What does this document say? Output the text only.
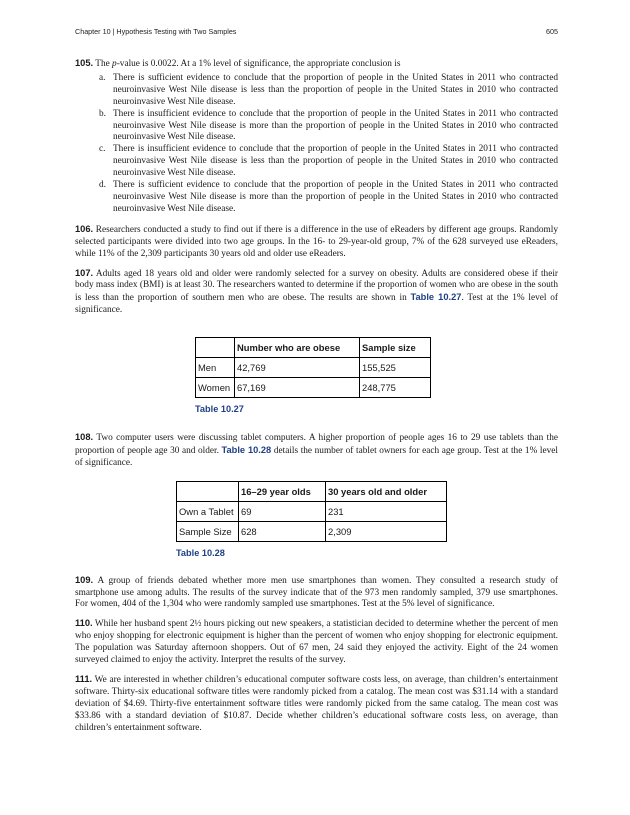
Chapter 10 | Hypothesis Testing with Two Samples	605

105. The p-value is 0.0022. At a 1% level of significance, the appropriate conclusion is

a. There is sufficient evidence to conclude that the proportion of people in the United States in 2011 who contracted neuroinvasive West Nile disease is less than the proportion of people in the United States in 2010 who contracted neuroinvasive West Nile disease.
b. There is insufficient evidence to conclude that the proportion of people in the United States in 2011 who contracted neuroinvasive West Nile disease is more than the proportion of people in the United States in 2010 who contracted neuroinvasive West Nile disease.
c. There is insufficient evidence to conclude that the proportion of people in the United States in 2011 who contracted neuroinvasive West Nile disease is less than the proportion of people in the United States in 2010 who contracted neuroinvasive West Nile disease.
d. There is sufficient evidence to conclude that the proportion of people in the United States in 2011 who contracted neuroinvasive West Nile disease is more than the proportion of people in the United States in 2010 who contracted neuroinvasive West Nile disease.

106. Researchers conducted a study to find out if there is a difference in the use of eReaders by different age groups. Randomly selected participants were divided into two age groups. In the 16- to 29-year-old group, 7% of the 628 surveyed use eReaders, while 11% of the 2,309 participants 30 years old and older use eReaders.

107. Adults aged 18 years old and older were randomly selected for a survey on obesity. Adults are considered obese if their body mass index (BMI) is at least 30. The researchers wanted to determine if the proportion of women who are obese in the south is less than the proportion of southern men who are obese. The results are shown in Table 10.27. Test at the 1% level of significance.

	Number who are obese	Sample size
Men	42,769	155,525
Women	67,169	248,775
Table 10.27

108. Two computer users were discussing tablet computers. A higher proportion of people ages 16 to 29 use tablets than the proportion of people age 30 and older. Table 10.28 details the number of tablet owners for each age group. Test at the 1% level of significance.

	16–29 year olds	30 years old and older
Own a Tablet	69	231
Sample Size	628	2,309
Table 10.28

109. A group of friends debated whether more men use smartphones than women. They consulted a research study of smartphone use among adults. The results of the survey indicate that of the 973 men randomly sampled, 379 use smartphones. For women, 404 of the 1,304 who were randomly sampled use smartphones. Test at the 5% level of significance.

110. While her husband spent 2½ hours picking out new speakers, a statistician decided to determine whether the percent of men who enjoy shopping for electronic equipment is higher than the percent of women who enjoy shopping for electronic equipment. The population was Saturday afternoon shoppers. Out of 67 men, 24 said they enjoyed the activity. Eight of the 24 women surveyed claimed to enjoy the activity. Interpret the results of the survey.

111. We are interested in whether children’s educational computer software costs less, on average, than children’s entertainment software. Thirty-six educational software titles were randomly picked from a catalog. The mean cost was $31.14 with a standard deviation of $4.69. Thirty-five entertainment software titles were randomly picked from the same catalog. The mean cost was $33.86 with a standard deviation of $10.87. Decide whether children’s educational software costs less, on average, than children’s entertainment software.
